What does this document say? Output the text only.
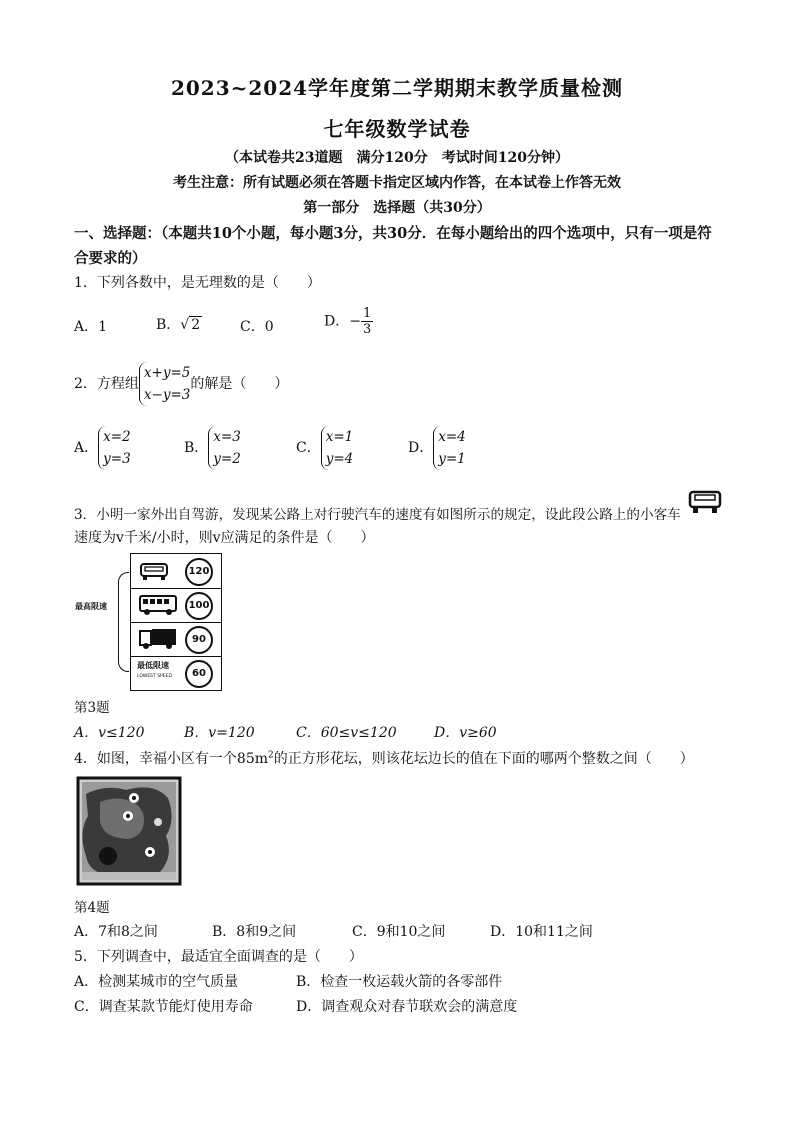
2023~2024学年度第二学期期末教学质量检测
七年级数学试卷
（本试卷共23道题　满分120分　考试时间120分钟）
考生注意：所有试题必须在答题卡指定区域内作答，在本试卷上作答无效
第一部分　选择题（共30分）
一、选择题：（本题共10个小题，每小题3分，共30分．在每小题给出的四个选项中，只有一项是符合要求的）
1．下列各数中，是无理数的是（　　）
A．1	B．√ 2	C．0	D．− $\frac{1}{3}$
2．方程组
x+y=5
x−y=3
的解是（　　）
A．
x=2
y=3
B．
x=3
y=2
C．
x=1
y=4
D．
x=4
y=1
3．小明一家外出自驾游，发现某公路上对行驶汽车的速度有如图所示的规定，设此段公路上的小客车
速度为v千米/小时，则v应满足的条件是（　　）
最高限速
120
100
90
最低限速
LOWEST SPEED	60
第3题
A．v≤120	B．v=120	C．60≤v≤120	D．v≥60
4．如图，幸福小区有一个$85m^2$的正方形花坛，则该花坛边长的值在下面的哪两个整数之间（　　）
第4题
A．7和8之间	B．8和9之间	C．9和10之间	D．10和11之间
5．下列调查中，最适宜全面调查的是（　　）
A．检测某城市的空气质量	B．检查一枚运载火箭的各零部件
C．调查某款节能灯使用寿命	D．调查观众对春节联欢会的满意度
